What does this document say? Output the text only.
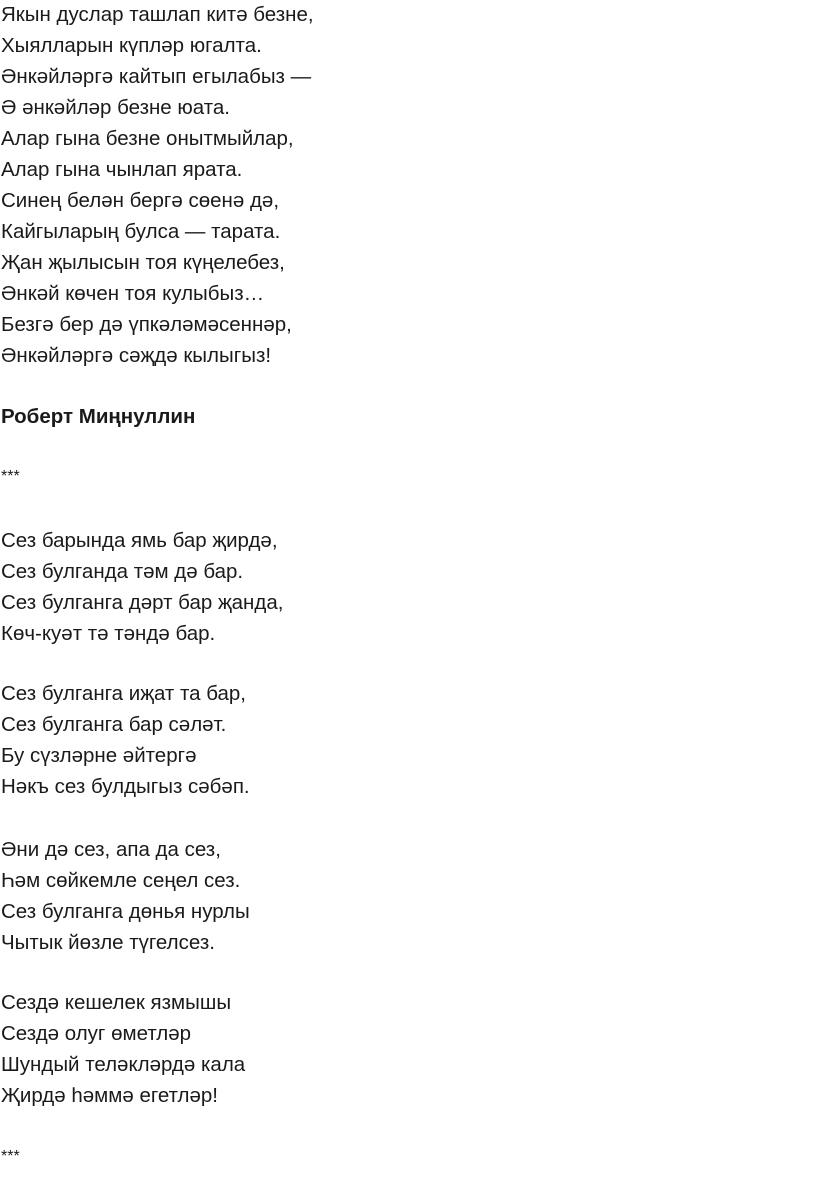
Якын дуслар ташлап китә безне,
Хыялларын күпләр югалта.
Әнкәйләргә кайтып егылабыз —
Ә әнкәйләр безне юата.
Алар гына безне онытмыйлар,
Алар гына чынлап ярата.
Синең белән бергә сөенә дә,
Кайгыларың булса — тарата.
Җан җылысын тоя күңелебез,
Әнкәй көчен тоя кулыбыз…
Безгә бер дә үпкәләмәсеннәр,
Әнкәйләргә сәҗдә кылыгыз!
Роберт Миңнуллин
***
Сез барында ямь бар җирдә,
Сез булганда тәм дә бар.
Сез булганга дәрт бар җанда,
Көч-куәт тә тәндә бар.
Сез булганга иҗат та бар,
Сез булганга бар сәләт.
Бу сүзләрне әйтергә
Нәкъ сез булдыгыз сәбәп.
Әни дә сез, апа да сез,
Һәм сөйкемле сеңел сез.
Сез булганга дөнья нурлы
Чытык йөзле түгелсез.
Сездә кешелек язмышы
Сездә олуг өметләр
Шундый теләкләрдә кала
Җирдә һәммә егетләр!
***
